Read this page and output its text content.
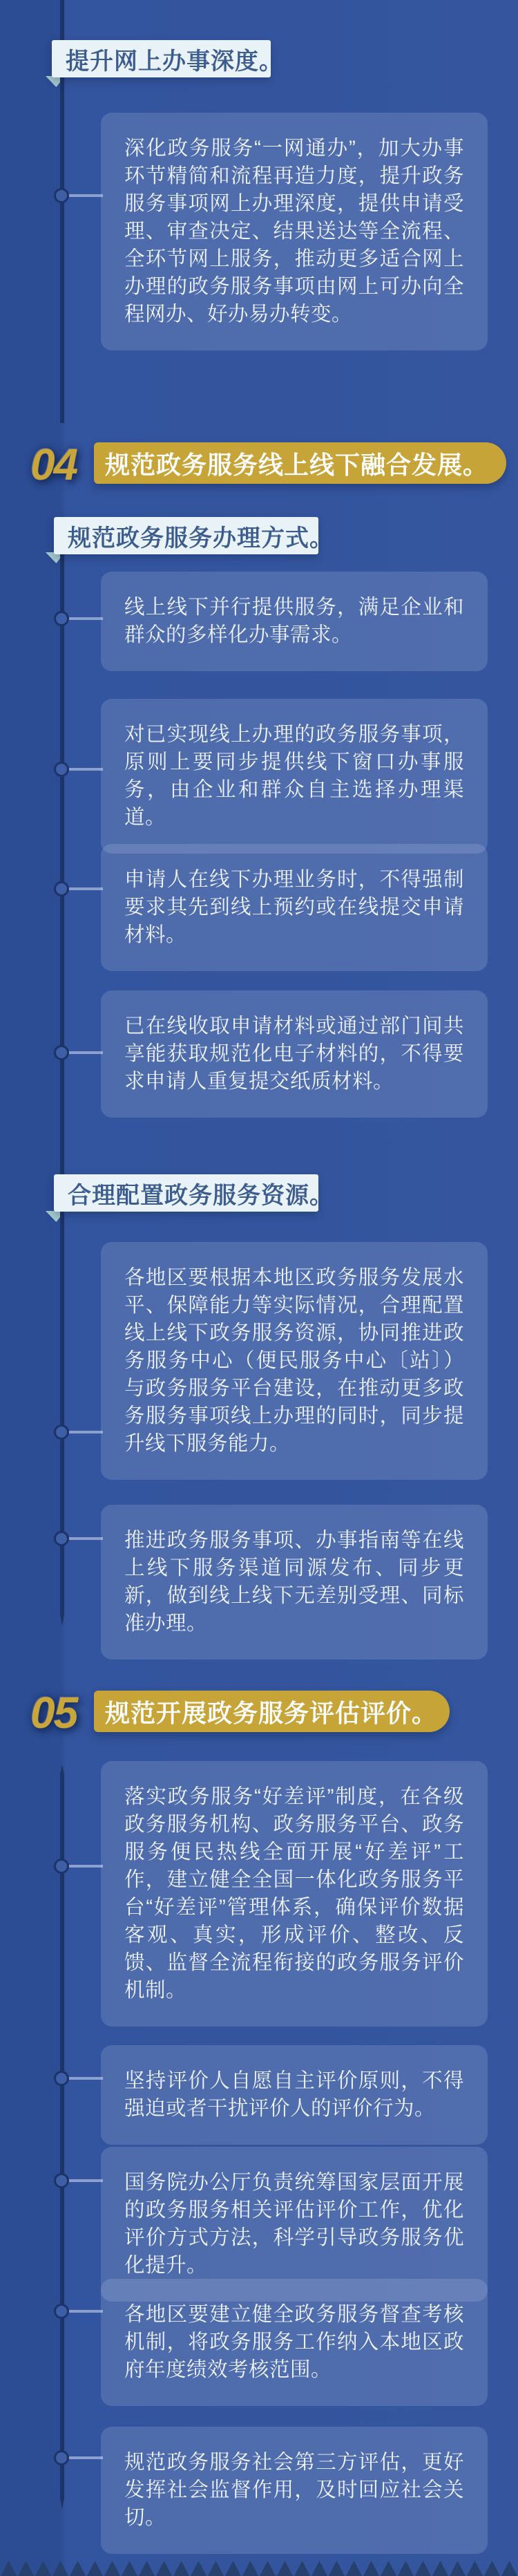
提升网上办事深度。
规范政务服务办理方式。
合理配置政务服务资源。
04 规范政务服务线上线下融合发展。
05 规范开展政务服务评估评价。

深化政务服务“一网通办”，加大办事环节精简和流程再造力度，提升政务服务事项网上办理深度，提供申请受理、审查决定、结果送达等全流程、全环节网上服务，推动更多适合网上办理的政务服务事项由网上可办向全程网办、好办易办转变。

线上线下并行提供服务，满足企业和群众的多样化办事需求。

对已实现线上办理的政务服务事项，原则上要同步提供线下窗口办事服务，由企业和群众自主选择办理渠道。

申请人在线下办理业务时，不得强制要求其先到线上预约或在线提交申请材料。

已在线收取申请材料或通过部门间共享能获取规范化电子材料的，不得要求申请人重复提交纸质材料。

各地区要根据本地区政务服务发展水平、保障能力等实际情况，合理配置线上线下政务服务资源，协同推进政务服务中心（便民服务中心〔站〕）与政务服务平台建设，在推动更多政务服务事项线上办理的同时，同步提升线下服务能力。

推进政务服务事项、办事指南等在线上线下服务渠道同源发布、同步更新，做到线上线下无差别受理、同标准办理。

落实政务服务“好差评”制度，在各级政务服务机构、政务服务平台、政务服务便民热线全面开展“好差评”工作，建立健全全国一体化政务服务平台“好差评”管理体系，确保评价数据客观、真实，形成评价、整改、反馈、监督全流程衔接的政务服务评价机制。

坚持评价人自愿自主评价原则，不得强迫或者干扰评价人的评价行为。

国务院办公厅负责统筹国家层面开展的政务服务相关评估评价工作，优化评价方式方法，科学引导政务服务优化提升。

各地区要建立健全政务服务督查考核机制，将政务服务工作纳入本地区政府年度绩效考核范围。

规范政务服务社会第三方评估，更好发挥社会监督作用，及时回应社会关切。
